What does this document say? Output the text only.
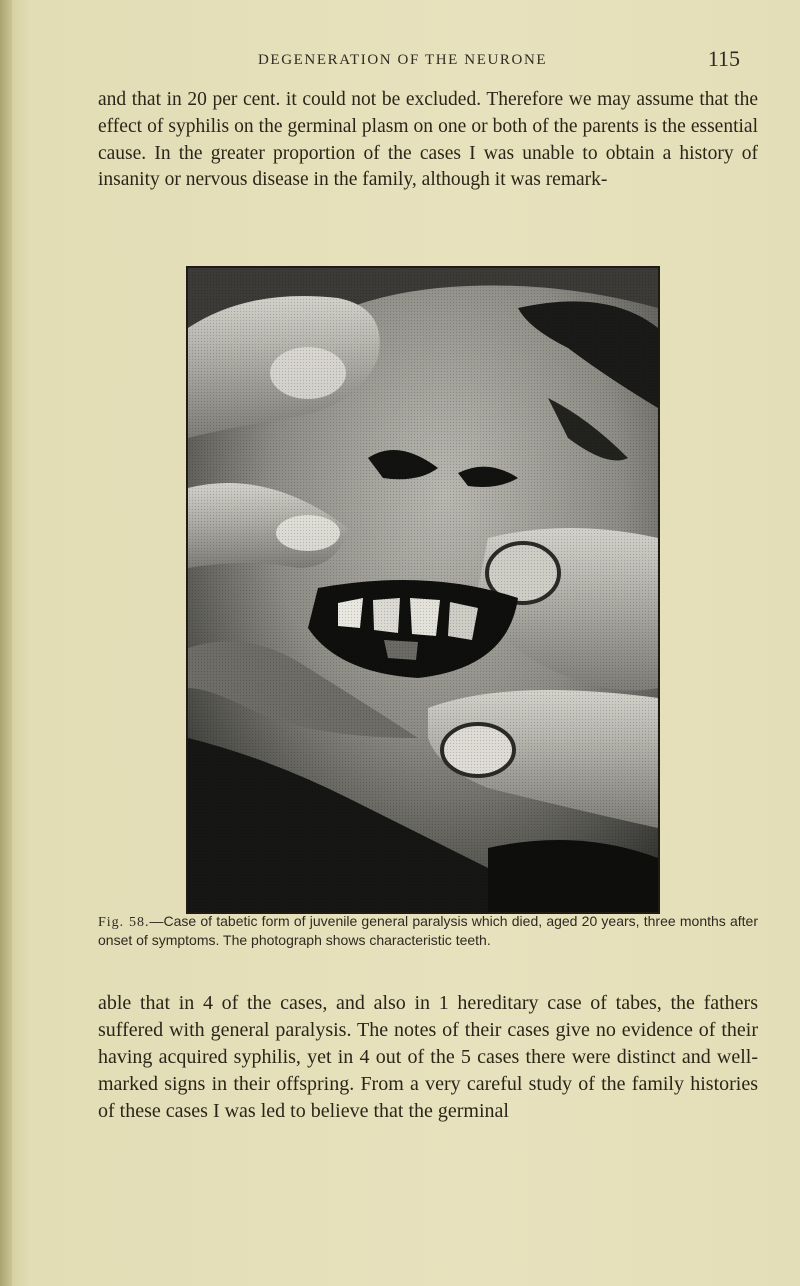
DEGENERATION OF THE NEURONE	115

and that in 20 per cent. it could not be excluded. Therefore we may assume that the effect of syphilis on the germinal plasm on one or both of the parents is the essential cause. In the greater proportion of the cases I was unable to obtain a history of insanity or nervous disease in the family, although it was remark-

Fig. 58.—Case of tabetic form of juvenile general paralysis which died, aged 20 years, three months after onset of symptoms. The photograph shows characteristic teeth.

able that in 4 of the cases, and also in 1 hereditary case of tabes, the fathers suffered with general paralysis. The notes of their cases give no evidence of their having acquired syphilis, yet in 4 out of the 5 cases there were distinct and well-marked signs in their offspring. From a very careful study of the family histories of these cases I was led to believe that the germinal
